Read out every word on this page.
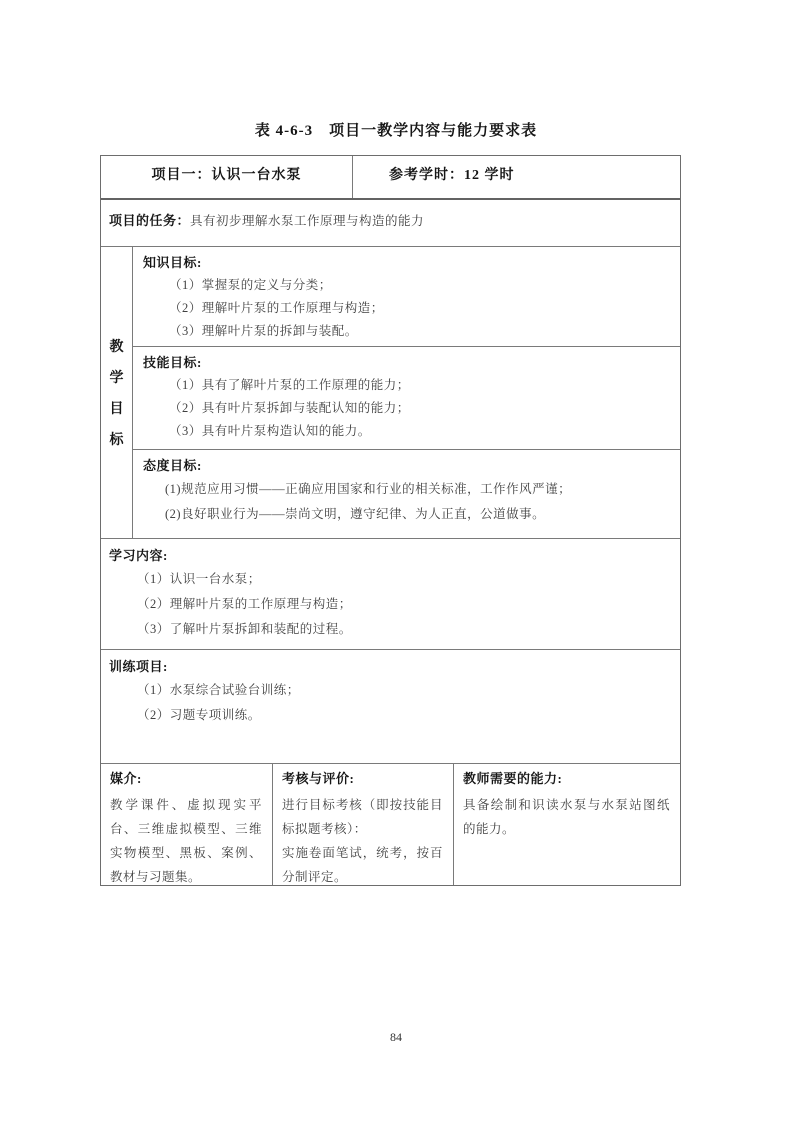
表 4-6-3　项目一教学内容与能力要求表
项目一：认识一台水泵	参考学时：12 学时
项目的任务：具有初步理解水泵工作原理与构造的能力
教
学
目
标
知识目标:
（1）掌握泵的定义与分类；
（2）理解叶片泵的工作原理与构造；
（3）理解叶片泵的拆卸与装配。
技能目标:
（1）具有了解叶片泵的工作原理的能力；
（2）具有叶片泵拆卸与装配认知的能力；
（3）具有叶片泵构造认知的能力。
态度目标:
(1)规范应用习惯——正确应用国家和行业的相关标准，工作作风严谨；
(2)良好职业行为——崇尚文明，遵守纪律、为人正直，公道做事。
学习内容:
（1）认识一台水泵；
（2）理解叶片泵的工作原理与构造；
（3）了解叶片泵拆卸和装配的过程。
训练项目:
（1）水泵综合试验台训练；
（2）习题专项训练。
媒介:
教学课件、虚拟现实平台、三维虚拟模型、三维实物模型、黑板、案例、教材与习题集。
考核与评价:
进行目标考核（即按技能目标拟题考核）：
实施卷面笔试，统考，按百分制评定。
教师需要的能力:
具备绘制和识读水泵与水泵站图纸的能力。
84
